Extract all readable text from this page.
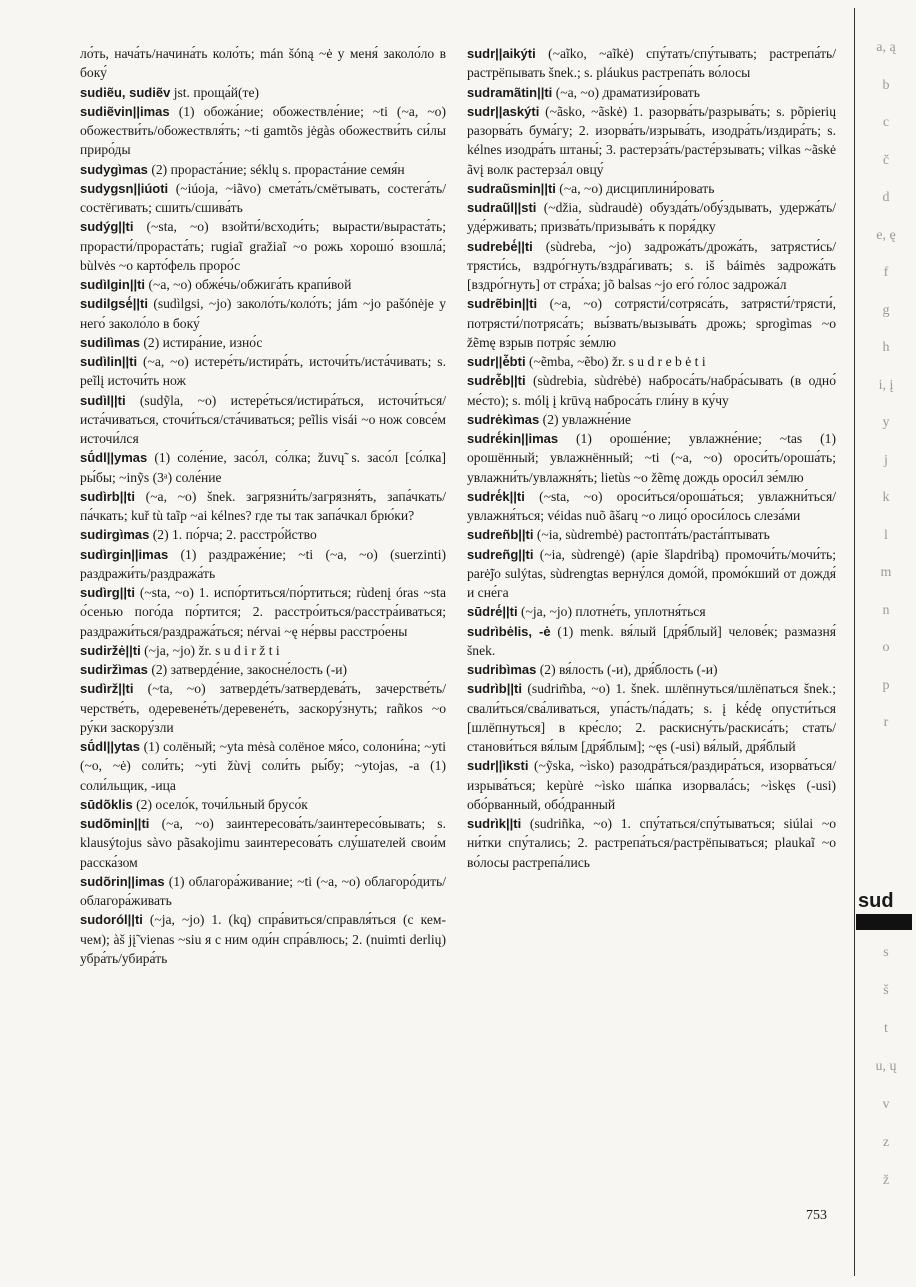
ло́ть, нача́ть/начина́ть коло́ть; mán šóną ~ė у меня́ заколо́ло в боку́
sudiẽu, sudiẽv jst. проща́й(те)
sudiẽvin||imas (1) обожа́ние; обожествле́ние; ~ti (~a, ~o) обожестви́ть/обожествля́ть; ~ti gamtõs jėgàs обожестви́ть си́лы приро́ды
sudygìmas (2) прораста́ние; séklų s. прораста́ние семя́н
sudygsn||iúoti (~iúoja, ~iãvo) смета́ть/смётывать, состега́ть/состёгивать; сшить/сшива́ть
sudýg||ti (~sta, ~o) взойти́/всходи́ть; вырасти/выраста́ть; прорасти́/прораста́ть; rugiaĩ gražiaĩ ~o рожь хорошо́ взошла́; bùlvės ~o карто́фель проро́с
sudìlgin||ti (~a, ~o) обже́чь/обжига́ть крапи́вой
sudilgsė́||ti (sudìlgsi, ~jo) заколо́ть/коло́ть; jám ~jo pašónėje у него́ заколо́ло в боку́
sudilìmas (2) истира́ние, изно́с
sudìlin||ti (~a, ~o) истере́ть/истира́ть, источи́ть/иста́чивать; s. peĩlį источи́ть нож
sudìl||ti (sudỹla, ~o) истере́ться/истира́ться, источи́ться/иста́чиваться, сточи́ться/ста́чиваться; peĩlis visái ~o нож совсе́м источи́лся
sū́dl||ymas (1) соле́ние, засо́л, со́лка; žuvų̃ s. засо́л [со́лка] ры́бы; ~inỹs (3ᵃ) соле́ние
sudìrb||ti (~a, ~o) šnek. загрязни́ть/загрязня́ть, запа́чкать/па́чкать; kuř tù taĩp ~ai kélnes? где ты так запа́чкал брю́ки?
sudirgìmas (2) 1. по́рча; 2. расстро́йство
sudìrgin||imas (1) раздраже́ние; ~ti (~a, ~o) (suerzinti) раздражи́ть/раздража́ть
sudìrg||ti (~sta, ~o) 1. испо́ртиться/по́ртиться; rùdenį óras ~sta о́сенью пого́да по́ртится; 2. расстро́иться/расстра́иваться; раздражи́ться/раздража́ться; nérvai ~ę не́рвы расстро́ены
sudirž́ė||ti (~ja, ~jo) žr. s u d i r ž t i
sudiržìmas (2) затверде́ние, закосне́лость (-и)
sudìrž||ti (~ta, ~o) затверде́ть/затвердева́ть, зачерстве́ть/черстве́ть, одеревене́ть/деревене́ть, заскору́знуть; rañkos ~o ру́ки заскору́зли
sū́dl||ytas (1) солёный; ~yta mėsà солёное мя́со, солони́на; ~yti (~o, ~ė) соли́ть; ~yti žùvį соли́ть ры́бу; ~ytojas, -a (1) соли́льщик, -ица
sūdõklis (2) осело́к, точи́льный брусо́к
sudõmin||ti (~a, ~o) заинтересова́ть/заинтересо́вывать; s. klausýtojus sàvo pãsakojimu заинтересова́ть слу́шателей свои́м расска́зом
sudõrin||imas (1) облагора́живание; ~ti (~a, ~o) облагоро́дить/облагора́живать
sudoról||ti (~ja, ~jo) 1. (kq) спра́виться/справля́ться (с кем-чем); àš jį̃ vienas ~siu я с ним оди́н спра́влюсь; 2. (nuimti derlių) убра́ть/убира́ть
sudr||aikýti (~aĩko, ~aĩkė) спу́тать/спу́тывать; растрепа́ть/растрёпывать šnek.; s. pláukus растрепа́ть во́лосы
sudramãtin||ti (~a, ~o) драматизи́ровать
sudr||askýti (~ãsko, ~ãskė) 1. разорва́ть/разрыва́ть; s. põpierių разорва́ть бума́гу; 2. изорва́ть/изрыва́ть, изодра́ть/издира́ть; s. kélnes изодра́ть штаны́; 3. растерза́ть/расте́рзывать; vilkas ~ãskė ãvį волк растерза́л овцу́
sudraũsmin||ti (~a, ~o) дисциплини́ровать
sudraũl||sti (~džia, sùdraudė) обузда́ть/обу́здывать, удержа́ть/уде́рживать; призва́ть/призыва́ть к поря́дку
sudrebė́||ti (sùdreba, ~jo) задрожа́ть/дрожа́ть, затрясти́сь/трясти́сь, вздро́гнуть/вздра́гивать; s. iš báimės задрожа́ть [вздро́гнуть] от стра́ха; jõ balsas ~jo его́ го́лос задрожа́л
sudrẽbin||ti (~a, ~o) сотрясти́/сотряса́ть, затрясти́/трясти́, потрясти́/потряса́ть; вы́звать/вызыва́ть дрожь; sprogìmas ~o žẽmę взрыв потря́с зе́млю
sudr||ė̃bti (~ẽmba, ~ẽbo) žr. s u d r e b ė t i
sudrė̃b||ti (sùdrebia, sùdrėbė) наброса́ть/набра́сывать (в одно́ ме́сто); s. mólį į krūvą наброса́ть гли́ну в ку́чу
sudrėkìmas (2) увлажне́ние
sudrė́kin||imas (1) ороше́ние; увлажне́ние; ~tas (1) орошённый; увлажнённый; ~ti (~a, ~o) ороси́ть/ороша́ть; увлажни́ть/увлажня́ть; lietùs ~o žẽmę дождь ороси́л зе́млю
sudrė́k||ti (~sta, ~o) ороси́ться/ороша́ться; увлажни́ться/увлажня́ться; véidas nuõ ãšarų ~o лицо́ ороси́лось слеза́ми
sudreñb||ti (~ia, sùdrembė) растопта́ть/раста́птывать
sudreñg||ti (~ia, sùdrengė) (apie šlapdribą) промочи́ть/мочи́ть; parė̃jo sulýtas, sùdrengtas верну́лся домо́й, промо́кший от дождя́ и сне́га
sūdrė́||ti (~ja, ~jo) плотне́ть, уплотня́ться
sudrìbėlis, -ė (1) menk. вя́лый [дря́блый] челове́к; размазня́ šnek.
sudribìmas (2) вя́лость (-и), дря́блость (-и)
sudrìb||ti (sudrim̃ba, ~o) 1. šnek. шлёпнуться/шлёпаться šnek.; свали́ться/сва́ливаться, упа́сть/па́дать; s. į kė́dę опусти́ться [шлёпнуться] в кре́сло; 2. раскисну́ть/раскиса́ть; стать/станови́ться вя́лым [дря́блым]; ~ęs (-usi) вя́лый, дря́блый
sudr||ìksti (~ỹska, ~ìsko) разодра́ться/раздира́ться, изорва́ться/изрыва́ться; kepùrė ~ìsko ша́пка изорвала́сь; ~ìskęs (-usi) обо́рванный, обо́дранный
sudrìk||ti (sudriñka, ~o) 1. спу́таться/спу́тываться; siúlai ~o ни́тки спу́тались; 2. растрепа́ться/растрёпываться; plaukaĩ ~o во́лосы растрепа́лись
a, ą
b
c
č
d
e, ę
f
g
h
i, į
y
j
k
l
m
n
o
p
r
s
š
t
u, ų
v
z
ž
sud
753
